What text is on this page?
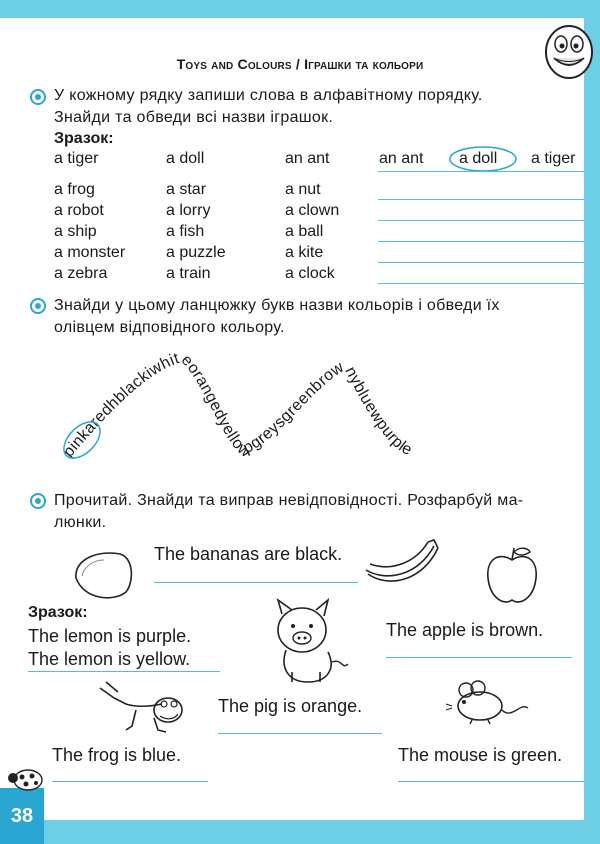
38
Toys and Colours / Іграшки та кольори
У кожному рядку запиши слова в алфавітному порядку.
Знайди та обведи всі назви іграшок.
Зразок:
a tiger	a doll	an ant	an ant a doll a tiger
a frog	a star	a nut
a robot	a lorry	a clown
a ship	a fish	a ball
a monster	a puzzle	a kite
a zebra	a train	a clock
Знайди у цьому ланцюжку букв назви кольорів і обведи їх
олівцем відповідного кольору.
pinkaredhblackiwhiteorangedyellowpgreysgreenbrownybluewpurple
Прочитай. Знайди та виправ невідповідності. Розфарбуй ма-
люнки.
The bananas are black.
Зразок:
The lemon is purple.
The lemon is yellow.
The apple is brown.
The pig is orange.
The frog is blue.	The mouse is green.
